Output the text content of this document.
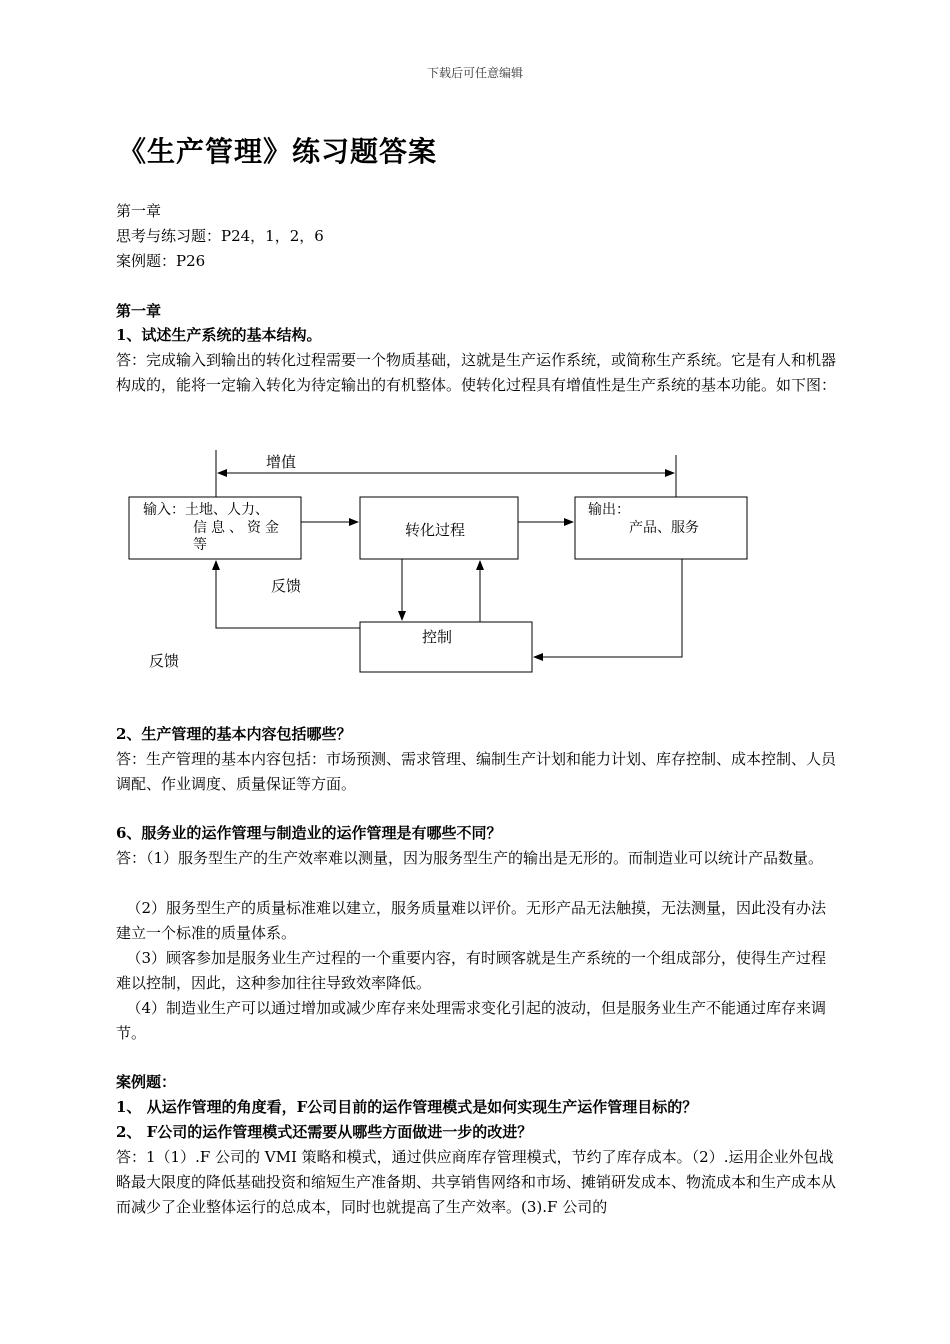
下载后可任意编辑
《生产管理》练习题答案
第一章
思考与练习题：P24，1，2，6
案例题：P26
第一章
1、试述生产系统的基本结构。
答：完成输入到输出的转化过程需要一个物质基础，这就是生产运作系统，或简称生产系统。它是有人和机器构成的，能将一定输入转化为待定输出的有机整体。使转化过程具有增值性是生产系统的基本功能。如下图：
增值
输入：土地、人力、
信息、资金
等
转化过程
输出：
产品、服务
控制
反馈
反馈
2、生产管理的基本内容包括哪些？
答：生产管理的基本内容包括：市场预测、需求管理、编制生产计划和能力计划、库存控制、成本控制、人员调配、作业调度、质量保证等方面。
6、服务业的运作管理与制造业的运作管理是有哪些不同？
答：（1）服务型生产的生产效率难以测量，因为服务型生产的输出是无形的。而制造业可以统计产品数量。
（2）服务型生产的质量标准难以建立，服务质量难以评价。无形产品无法触摸，无法测量，因此没有办法建立一个标准的质量体系。
（3）顾客参加是服务业生产过程的一个重要内容，有时顾客就是生产系统的一个组成部分，使得生产过程难以控制，因此，这种参加往往导致效率降低。
（4）制造业生产可以通过增加或减少库存来处理需求变化引起的波动，但是服务业生产不能通过库存来调节。
案例题：
1、 从运作管理的角度看，F公司目前的运作管理模式是如何实现生产运作管理目标的？
2、 F公司的运作管理模式还需要从哪些方面做进一步的改进？
答：1（1）.F 公司的 VMI 策略和模式，通过供应商库存管理模式，节约了库存成本。（2）.运用企业外包战略最大限度的降低基础投资和缩短生产准备期、共享销售网络和市场、摊销研发成本、物流成本和生产成本从而减少了企业整体运行的总成本，同时也就提高了生产效率。(3).F 公司的
